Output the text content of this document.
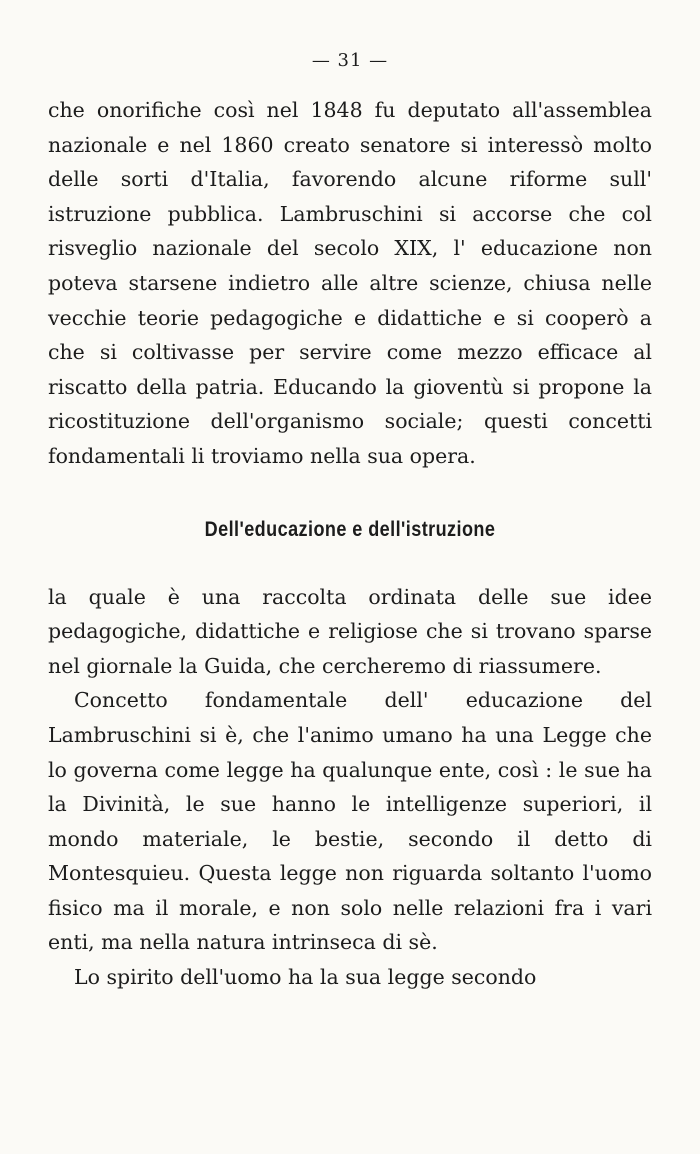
— 31 —

che onorifiche così nel 1848 fu deputato all'assemblea nazionale e nel 1860 creato senatore si interessò molto delle sorti d'Italia, favorendo alcune riforme sull' istruzione pubblica. Lambruschini si accorse che col risveglio nazionale del secolo XIX, l' educazione non poteva starsene indietro alle altre scienze, chiusa nelle vecchie teorie pedagogiche e didattiche e si cooperò a che si coltivasse per servire come mezzo efficace al riscatto della patria. Educando la gioventù si propone la ricostituzione dell'organismo sociale; questi concetti fondamentali li troviamo nella sua opera.

Dell'educazione e dell'istruzione

la quale è una raccolta ordinata delle sue idee pedagogiche, didattiche e religiose che si trovano sparse nel giornale la Guida, che cercheremo di riassumere.

Concetto fondamentale dell' educazione del Lambruschini si è, che l'animo umano ha una Legge che lo governa come legge ha qualunque ente, così : le sue ha la Divinità, le sue hanno le intelligenze superiori, il mondo materiale, le bestie, secondo il detto di Montesquieu. Questa legge non riguarda soltanto l'uomo fisico ma il morale, e non solo nelle relazioni fra i vari enti, ma nella natura intrinseca di sè.

Lo spirito dell'uomo ha la sua legge secondo
